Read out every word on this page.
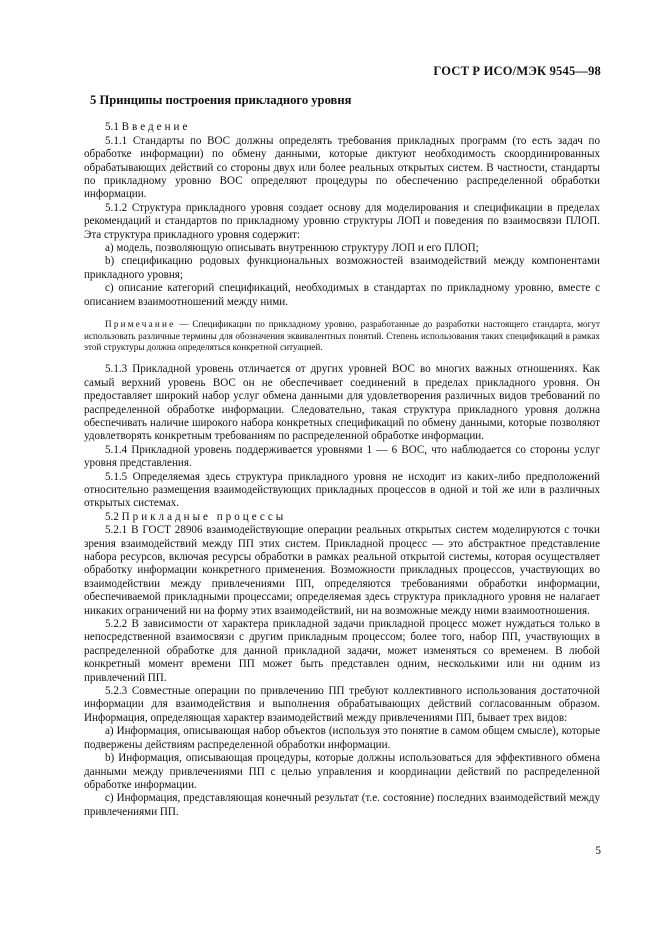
ГОСТ Р ИСО/МЭК 9545—98
5 Принципы построения прикладного уровня

5.1 Введение

5.1.1 Стандарты по ВОС должны определять требования прикладных программ (то есть задач по обработке информации) по обмену данными, которые диктуют необходимость скоординированных обрабатывающих действий со стороны двух или более реальных открытых систем. В частности, стандарты по прикладному уровню ВОС определяют процедуры по обеспечению распределенной обработки информации.

5.1.2 Структура прикладного уровня создает основу для моделирования и спецификации в пределах рекомендаций и стандартов по прикладному уровню структуры ЛОП и поведения по взаимосвязи ПЛОП. Эта структура прикладного уровня содержит:

а) модель, позволяющую описывать внутреннюю структуру ЛОП и его ПЛОП;

b) спецификацию родовых функциональных возможностей взаимодействий между компонентами прикладного уровня;

с) описание категорий спецификаций, необходимых в стандартах по прикладному уровню, вместе с описанием взаимоотношений между ними.

Примечание — Спецификации по прикладному уровню, разработанные до разработки настоящего стандарта, могут использовать различные термины для обозначения эквивалентных понятий. Степень использования таких спецификаций в рамках этой структуры должна определяться конкретной ситуацией.

5.1.3 Прикладной уровень отличается от других уровней ВОС во многих важных отношениях. Как самый верхний уровень ВОС он не обеспечивает соединений в пределах прикладного уровня. Он предоставляет широкий набор услуг обмена данными для удовлетворения различных видов требований по распределенной обработке информации. Следовательно, такая структура прикладного уровня должна обеспечивать наличие широкого набора конкретных спецификаций по обмену данными, которые позволяют удовлетворять конкретным требованиям по распределенной обработке информации.

5.1.4 Прикладной уровень поддерживается уровнями 1 — 6 ВОС, что наблюдается со стороны услуг уровня представления.

5.1.5 Определяемая здесь структура прикладного уровня не исходит из каких-либо предположений относительно размещения взаимодействующих прикладных процессов в одной и той же или в различных открытых системах.

5.2 Прикладные процессы

5.2.1 В ГОСТ 28906 взаимодействующие операции реальных открытых систем моделируются с точки зрения взаимодействий между ПП этих систем. Прикладной процесс — это абстрактное представление набора ресурсов, включая ресурсы обработки в рамках реальной открытой системы, которая осуществляет обработку информации конкретного применения. Возможности прикладных процессов, участвующих во взаимодействии между привлечениями ПП, определяются требованиями обработки информации, обеспечиваемой прикладными процессами; определяемая здесь структура прикладного уровня не налагает никаких ограничений ни на форму этих взаимодействий, ни на возможные между ними взаимоотношения.

5.2.2 В зависимости от характера прикладной задачи прикладной процесс может нуждаться только в непосредственной взаимосвязи с другим прикладным процессом; более того, набор ПП, участвующих в распределенной обработке для данной прикладной задачи, может изменяться со временем. В любой конкретный момент времени ПП может быть представлен одним, несколькими или ни одним из привлечений ПП.

5.2.3 Совместные операции по привлечению ПП требуют коллективного использования достаточной информации для взаимодействия и выполнения обрабатывающих действий согласованным образом. Информация, определяющая характер взаимодействий между привлечениями ПП, бывает трех видов:

а) Информация, описывающая набор объектов (используя это понятие в самом общем смысле), которые подвержены действиям распределенной обработки информации.

b) Информация, описывающая процедуры, которые должны использоваться для эффективного обмена данными между привлечениями ПП с целью управления и координации действий по распределенной обработке информации.

с) Информация, представляющая конечный результат (т.е. состояние) последних взаимодействий между привлечениями ПП.

5
